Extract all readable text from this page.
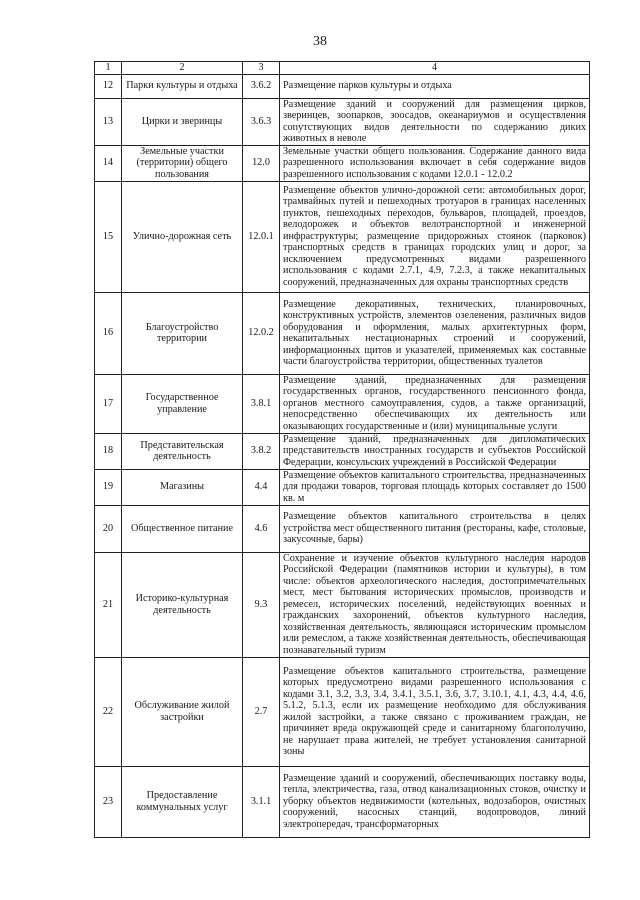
38
1	2	3	4
12	Парки культуры и отдыха	3.6.2	Размещение парков культуры и отдыха
13	Цирки и зверинцы	3.6.3	Размещение зданий и сооружений для размещения цирков, зверинцев, зоопарков, зоосадов, океанариумов и осуществления сопутствующих видов деятельности по содержанию диких животных в неволе
14	Земельные участки (территории) общего пользования	12.0	Земельные участки общего пользования. Содержание данного вида разрешенного использования включает в себя содержание видов разрешенного использования с кодами 12.0.1 - 12.0.2
15	Улично-дорожная сеть	12.0.1	Размещение объектов улично-дорожной сети: автомобильных дорог, трамвайных путей и пешеходных тротуаров в границах населенных пунктов, пешеходных переходов, бульваров, площадей, проездов, велодорожек и объектов велотранспортной и инженерной инфраструктуры; размещение придорожных стоянок (парковок) транспортных средств в границах городских улиц и дорог, за исключением предусмотренных видами разрешенного использования с кодами 2.7.1, 4.9, 7.2.3, а также некапитальных сооружений, предназначенных для охраны транспортных средств
16	Благоустройство территории	12.0.2	Размещение декоративных, технических, планировочных, конструктивных устройств, элементов озеленения, различных видов оборудования и оформления, малых архитектурных форм, некапитальных нестационарных строений и сооружений, информационных щитов и указателей, применяемых как составные части благоустройства территории, общественных туалетов
17	Государственное управление	3.8.1	Размещение зданий, предназначенных для размещения государственных органов, государственного пенсионного фонда, органов местного самоуправления, судов, а также организаций, непосредственно обеспечивающих их деятельность или оказывающих государственные и (или) муниципальные услуги
18	Представительская деятельность	3.8.2	Размещение зданий, предназначенных для дипломатических представительств иностранных государств и субъектов Российской Федерации, консульских учреждений в Российской Федерации
19	Магазины	4.4	Размещение объектов капитального строительства, предназначенных для продажи товаров, торговая площадь которых составляет до 1500 кв. м
20	Общественное питание	4.6	Размещение объектов капитального строительства в целях устройства мест общественного питания (рестораны, кафе, столовые, закусочные, бары)
21	Историко-культурная деятельность	9.3	Сохранение и изучение объектов культурного наследия народов Российской Федерации (памятников истории и культуры), в том числе: объектов археологического наследия, достопримечательных мест, мест бытования исторических промыслов, производств и ремесел, исторических поселений, недействующих военных и гражданских захоронений, объектов культурного наследия, хозяйственная деятельность, являющаяся историческим промыслом или ремеслом, а также хозяйственная деятельность, обеспечивающая познавательный туризм
22	Обслуживание жилой застройки	2.7	Размещение объектов капитального строительства, размещение которых предусмотрено видами разрешенного использования с кодами 3.1, 3.2, 3.3, 3.4, 3.4.1, 3.5.1, 3.6, 3.7, 3.10.1, 4.1, 4.3, 4.4, 4.6, 5.1.2, 5.1.3, если их размещение необходимо для обслуживания жилой застройки, а также связано с проживанием граждан, не причиняет вреда окружающей среде и санитарному благополучию, не нарушает права жителей, не требует установления санитарной зоны
23	Предоставление коммунальных услуг	3.1.1	Размещение зданий и сооружений, обеспечивающих поставку воды, тепла, электричества, газа, отвод канализационных стоков, очистку и уборку объектов недвижимости (котельных, водозаборов, очистных сооружений, насосных станций, водопроводов, линий электропередач, трансформаторных
